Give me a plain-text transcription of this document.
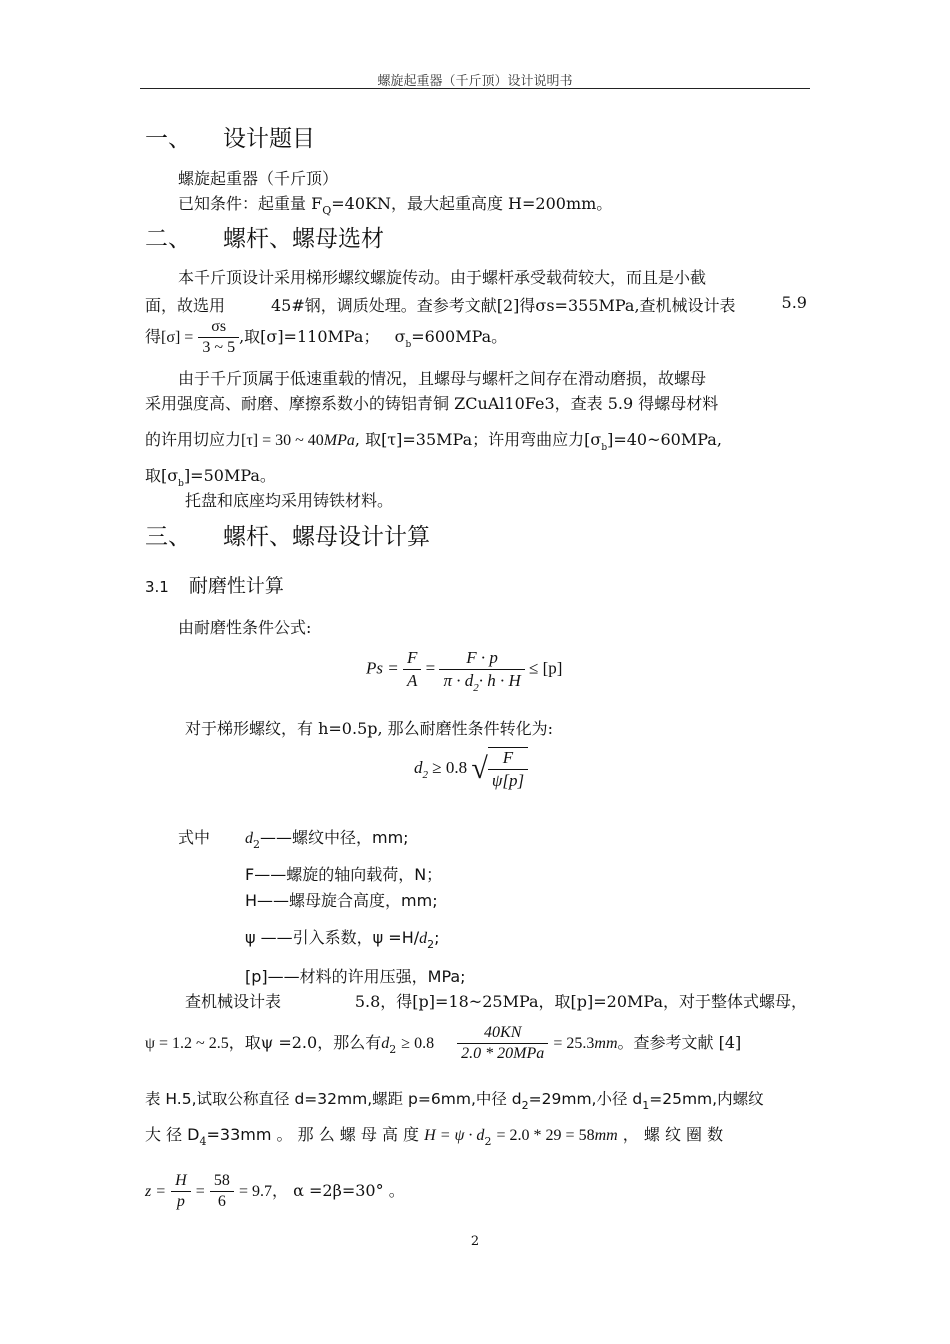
螺旋起重器（千斤顶）设计说明书
一、 设计题目
螺旋起重器（千斤顶）
已知条件：起重量 $F_Q=40KN$，最大起重高度 H=200mm。
二、 螺杆、螺母选材
本千斤顶设计采用梯形螺纹螺旋传动。由于螺杆承受载荷较大，而且是小截
面，故选用	45#钢，调质处理。查参考文献[2]得σs=355MPa,查机械设计表	5.9
得$[\sigma] = \frac{\sigma s}{3 \sim 5}$ ,取[σ]=110MPa； $\sigma_b=600MPa$。
由于千斤顶属于低速重载的情况，且螺母与螺杆之间存在滑动磨损，故螺母
采用强度高、耐磨、摩擦系数小的铸铝青铜 ZCuAl10Fe3，查表 5.9 得螺母材料
的许用切应力[τ] = 30 ~ 40MPa, 取[τ]=35MPa；许用弯曲应力$[\sigma_b]=40\sim 60MPa$,
取$[\sigma_b]=50MPa$。
托盘和底座均采用铸铁材料。
三、 螺杆、螺母设计计算
3.1 耐磨性计算
由耐磨性条件公式:
$Ps = \frac{F}{A} = \frac{F \cdot p}{\pi \cdot d_2\cdot h \cdot H} \le [p]$
对于梯形螺纹，有 h=0.5p, 那么耐磨性条件转化为:
$d_2 \ge 0.8$ √ $\frac{F}{\psi[p]}$
式中 $d_2——$螺纹中径，mm;
F——螺旋的轴向载荷，N；
H——螺母旋合高度，mm;
ψ ——引入系数，$\psi =H/d_2$;
[p]——材料的许用压强，MPa;
查机械设计表	5.8，得[p]=18~25MPa，取[p]=20MPa，对于整体式螺母，
ψ = 1.2 ~ 2.5，取ψ =2.0，那么有$d_2 \ge 0.8 \frac{40KN}{\text{2.0 * 20MPa}} = 25.3mm$。查参考文献 [4]
表 H.5,试取公称直径 d=32mm,螺距 p=6mm,中径 $d_2=29mm$,小径 $d_1=25mm$,内螺纹
大 径 $D_4=33mm$ 。 那 么 螺 母 高 度 $H = \psi \cdot d_2 = 2.0 * 29 = 58mm$ ， 螺 纹 圈 数
$z = \frac{H}{p} = \frac{58}{6} = 9.7$， α =2β=30° 。
2
